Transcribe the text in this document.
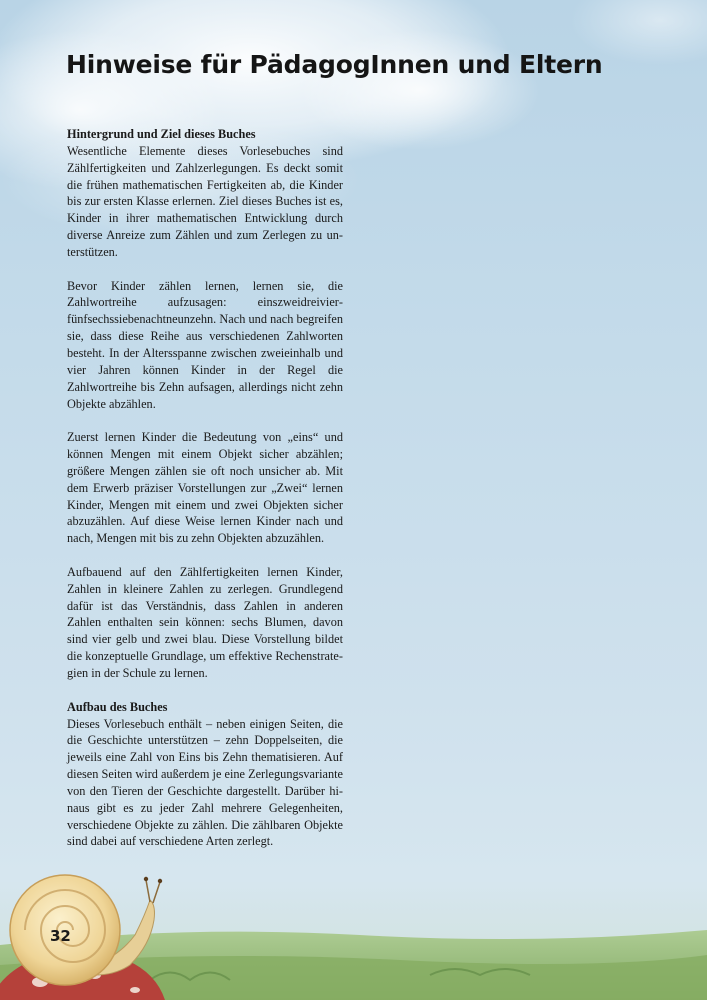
Hinweise für PädagogInnen und Eltern
Hintergrund und Ziel dieses Buches

Wesentliche Elemente dieses Vorlesebuches sind Zählfertigkeiten und Zahlzerlegungen. Es deckt somit die frühen mathematischen Fertigkeiten ab, die Kinder bis zur ersten Klasse erlernen. Ziel dieses Buches ist es, Kinder in ihrer mathematischen Entwicklung durch diverse Anreize zum Zählen und zum Zerlegen zu unterstützen.

Bevor Kinder zählen lernen, lernen sie, die Zahlwortreihe aufzusagen: einszweidreivierfünfsechssiebenachtneunzehn. Nach und nach begreifen sie, dass diese Reihe aus verschiedenen Zahlworten besteht. In der Altersspanne zwischen zweieinhalb und vier Jahren können Kinder in der Regel die Zahlwortreihe bis Zehn aufsagen, allerdings nicht zehn Objekte abzählen.

Zuerst lernen Kinder die Bedeutung von „eins“ und können Mengen mit einem Objekt sicher abzählen; größere Mengen zählen sie oft noch unsicher ab. Mit dem Erwerb präziser Vorstellungen zur „Zwei“ lernen Kinder, Mengen mit einem und zwei Objekten sicher abzuzählen. Auf diese Weise lernen Kinder nach und nach, Mengen mit bis zu zehn Objekten abzuzählen.

Aufbauend auf den Zählfertigkeiten lernen Kinder, Zahlen in kleinere Zahlen zu zerlegen. Grundlegend dafür ist das Verständnis, dass Zahlen in anderen Zahlen enthalten sein können: sechs Blumen, davon sind vier gelb und zwei blau. Diese Vorstellung bildet die konzeptuelle Grundlage, um effektive Rechenstrategien in der Schule zu lernen.

Aufbau des Buches

Dieses Vorlesebuch enthält – neben einigen Seiten, die die Geschichte unterstützen – zehn Doppelseiten, die jeweils eine Zahl von Eins bis Zehn thematisieren. Auf diesen Seiten wird außerdem je eine Zerlegungsvariante von den Tieren der Geschichte dargestellt. Darüber hinaus gibt es zu jeder Zahl mehrere Gelegenheiten, verschiedene Objekte zu zählen. Die zählbaren Objekte sind dabei auf verschiedene Arten zerlegt.

32
